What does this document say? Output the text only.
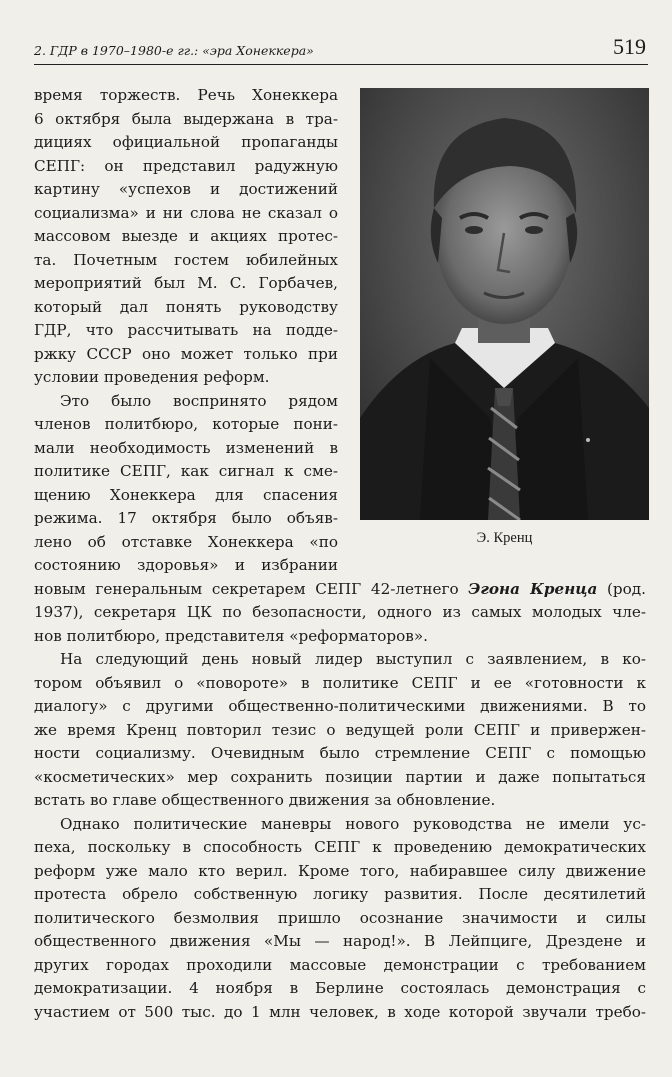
2. ГДР в 1970–1980-е гг.: «эра Хонеккера»	519
время торжеств. Речь Хонеккера
6 октября была выдержана в тра-
дициях официальной пропаганды
СЕПГ: он представил радужную
картину «успехов и достижений
социализма» и ни слова не сказал о
массовом выезде и акциях протес-
та. Почетным гостем юбилейных
мероприятий был М. С. Горбачев,
который дал понять руководству
ГДР, что рассчитывать на подде-
ржку СССР оно может только при
условии проведения реформ.
Это было воспринято рядом
членов политбюро, которые пони-
мали необходимость изменений в
политике СЕПГ, как сигнал к сме-
щению Хонеккера для спасения
режима. 17 октября было объяв-
лено об отставке Хонеккера «по
состоянию здоровья» и избрании
новым генеральным секретарем СЕПГ 42-летнего Эгона Кренца (род.
1937), секретаря ЦК по безопасности, одного из самых молодых чле-
нов политбюро, представителя «реформаторов».
На следующий день новый лидер выступил с заявлением, в ко-
тором объявил о «повороте» в политике СЕПГ и ее «готовности к
диалогу» с другими общественно-политическими движениями. В то
же время Кренц повторил тезис о ведущей роли СЕПГ и привержен-
ности социализму. Очевидным было стремление СЕПГ с помощью
«косметических» мер сохранить позиции партии и даже попытаться
встать во главе общественного движения за обновление.
Однако политические маневры нового руководства не имели ус-
пеха, поскольку в способность СЕПГ к проведению демократических
реформ уже мало кто верил. Кроме того, набиравшее силу движение
протеста обрело собственную логику развития. После десятилетий
политического безмолвия пришло осознание значимости и силы
общественного движения «Мы — народ!». В Лейпциге, Дрездене и
других городах проходили массовые демонстрации с требованием
демократизации. 4 ноября в Берлине состоялась демонстрация с
участием от 500 тыс. до 1 млн человек, в ходе которой звучали требо-
Э. Кренц
